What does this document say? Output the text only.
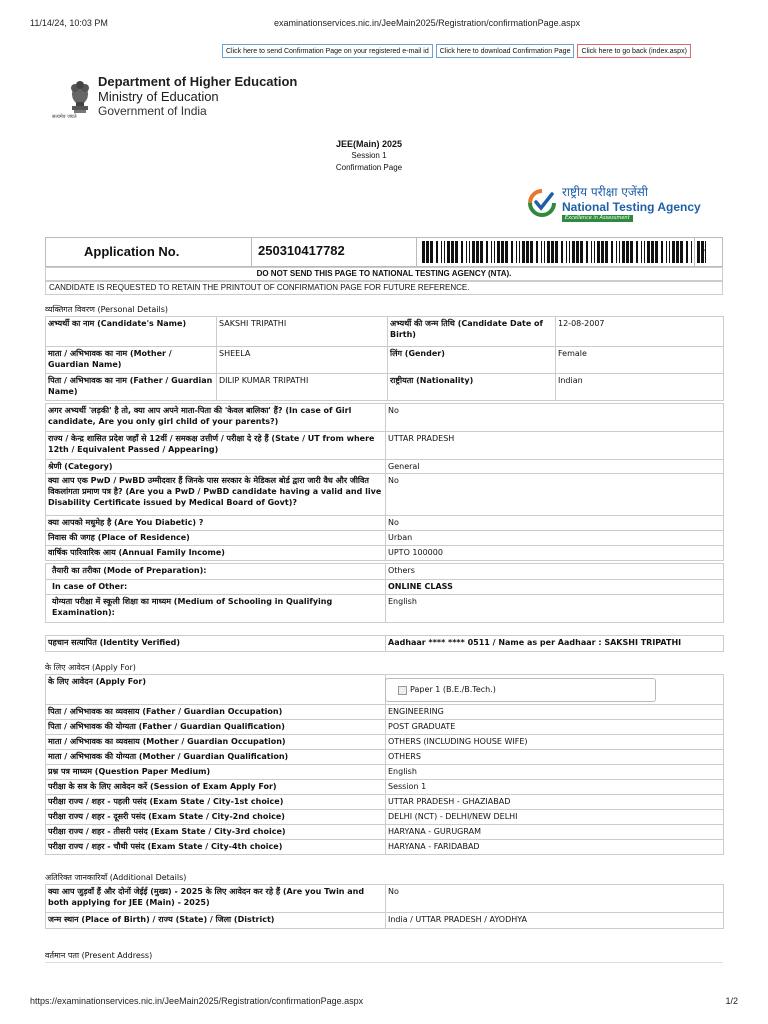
11/14/24, 10:03 PM	examinationservices.nic.in/JeeMain2025/Registration/confirmationPage.aspx
Click here to send Confirmation Page on your registered e-mail id	Click here to download Confirmation Page	Click here to go back (index.aspx)
सत्यमेव जयते
Department of Higher Education
Ministry of Education
Government of India
JEE(Main) 2025
Session 1
Confirmation Page
राष्ट्रीय परीक्षा एजेंसी
National Testing Agency
Excellence in Assessment
Application No.	250310417782	-
DO NOT SEND THIS PAGE TO NATIONAL TESTING AGENCY (NTA).
CANDIDATE IS REQUESTED TO RETAIN THE PRINTOUT OF CONFIRMATION PAGE FOR FUTURE REFERENCE.
व्यक्तिगत विवरण (Personal Details)
अभ्यर्थी का नाम (Candidate's Name)	SAKSHI TRIPATHI	अभ्यर्थी की जन्म तिथि (Candidate Date of Birth)	12-08-2007
माता / अभिभावक का नाम (Mother / Guardian Name)	SHEELA	लिंग (Gender)	Female
पिता / अभिभावक का नाम (Father / Guardian Name)	DILIP KUMAR TRIPATHI	राष्ट्रीयता (Nationality)	Indian
अगर अभ्यर्थी 'लड़की' है तो, क्या आप अपने माता-पिता की 'केवल बालिका' हैं? (In case of Girl candidate, Are you only girl child of your parents?)	No
राज्य / केन्द्र शासित प्रदेश जहाँ से 12वीं / समकक्ष उत्तीर्ण / परीक्षा दे रहे हैं (State / UT from where 12th / Equivalent Passed / Appearing)	UTTAR PRADESH
श्रेणी (Category)	General
क्या आप एक PwD / PwBD उम्मीदवार हैं जिनके पास सरकार के मेडिकल बोर्ड द्वारा जारी वैध और जीवित विकलांगता प्रमाण पत्र है? (Are you a PwD / PwBD candidate having a valid and live Disability Certificate issued by Medical Board of Govt)?	No
क्या आपको मधुमेह है (Are You Diabetic) ?	No
निवास की जगह (Place of Residence)	Urban
वार्षिक पारिवारिक आय (Annual Family Income)	UPTO 100000
तैयारी का तरीका (Mode of Preparation):	Others
In case of Other:	ONLINE CLASS
योग्यता परीक्षा में स्कूली शिक्षा का माध्यम (Medium of Schooling in Qualifying Examination):	English
पहचान सत्यापित (Identity Verified)	Aadhaar **** **** 0511 / Name as per Aadhaar : SAKSHI TRIPATHI
के लिए आवेदन (Apply For)
के लिए आवेदन (Apply For)	
Paper 1 (B.E./B.Tech.)
पिता / अभिभावक का व्यवसाय (Father / Guardian Occupation)	ENGINEERING
पिता / अभिभावक की योग्यता (Father / Guardian Qualification)	POST GRADUATE
माता / अभिभावक का व्यवसाय (Mother / Guardian Occupation)	OTHERS (INCLUDING HOUSE WIFE)
माता / अभिभावक की योग्यता (Mother / Guardian Qualification)	OTHERS
प्रश्न पत्र माध्यम (Question Paper Medium)	English
परीक्षा के सत्र के लिए आवेदन करें (Session of Exam Apply For)	Session 1
परीक्षा राज्य / शहर - पहली पसंद (Exam State / City-1st choice)	UTTAR PRADESH - GHAZIABAD
परीक्षा राज्य / शहर - दूसरी पसंद (Exam State / City-2nd choice)	DELHI (NCT) - DELHI/NEW DELHI
परीक्षा राज्य / शहर - तीसरी पसंद (Exam State / City-3rd choice)	HARYANA - GURUGRAM
परीक्षा राज्य / शहर - चौथी पसंद (Exam State / City-4th choice)	HARYANA - FARIDABAD
अतिरिक्त जानकारियाँ (Additional Details)
क्या आप जुड़वाँ हैं और दोनों जेईई (मुख्य) - 2025 के लिए आवेदन कर रहे हैं (Are you Twin and both applying for JEE (Main) - 2025)	No
जन्म स्थान (Place of Birth) / राज्य (State) / जिला (District)	India / UTTAR PRADESH / AYODHYA
वर्तमान पता (Present Address)
https://examinationservices.nic.in/JeeMain2025/Registration/confirmationPage.aspx	1/2
